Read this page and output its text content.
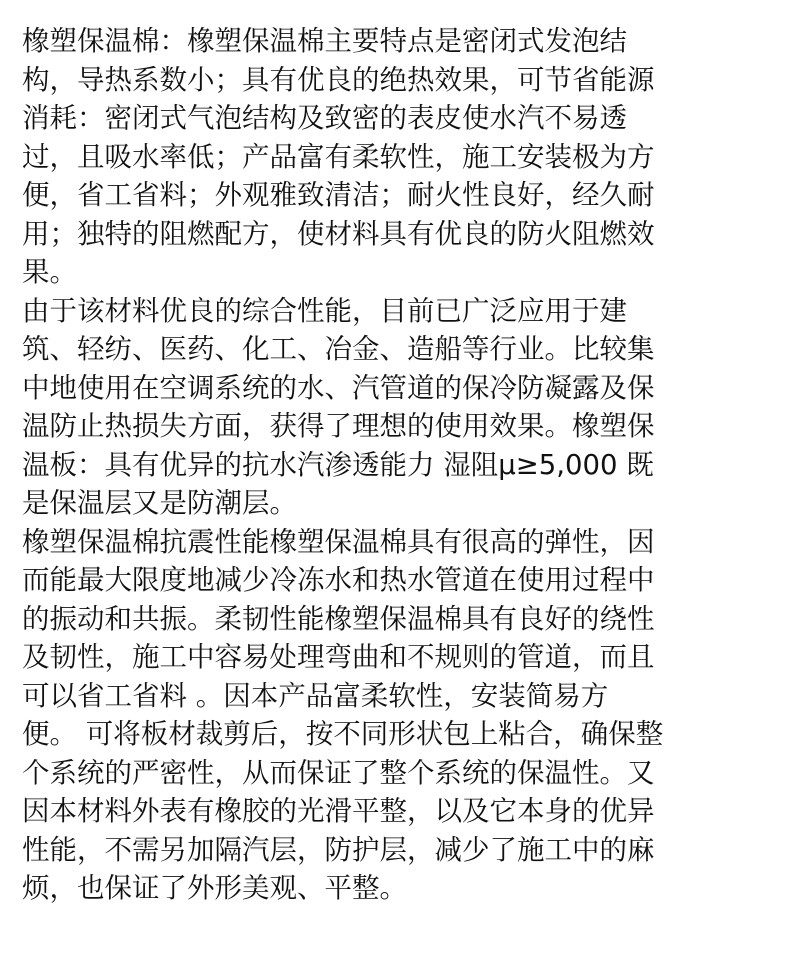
橡塑保温棉：橡塑保温棉主要特点是密闭式发泡结
构，导热系数小；具有优良的绝热效果，可节省能源
消耗：密闭式气泡结构及致密的表皮使水汽不易透
过，且吸水率低；产品富有柔软性，施工安装极为方
便，省工省料；外观雅致清洁；耐火性良好，经久耐
用；独特的阻燃配方，使材料具有优良的防火阻燃效
果。

由于该材料优良的综合性能，目前已广泛应用于建
筑、轻纺、医药、化工、冶金、造船等行业。比较集
中地使用在空调系统的水、汽管道的保冷防凝露及保
温防止热损失方面，获得了理想的使用效果。橡塑保
温板：具有优异的抗水汽渗透能力 湿阻μ≥5,000 既
是保温层又是防潮层。

橡塑保温棉抗震性能橡塑保温棉具有很高的弹性，因
而能最大限度地减少冷冻水和热水管道在使用过程中
的振动和共振。柔韧性能橡塑保温棉具有良好的绕性
及韧性，施工中容易处理弯曲和不规则的管道，而且
可以省工省料 。因本产品富柔软性，安装简易方
便。 可将板材裁剪后，按不同形状包上粘合，确保整
个系统的严密性，从而保证了整个系统的保温性。又
因本材料外表有橡胶的光滑平整，以及它本身的优异
性能，不需另加隔汽层，防护层，减少了施工中的麻
烦，也保证了外形美观、平整。
